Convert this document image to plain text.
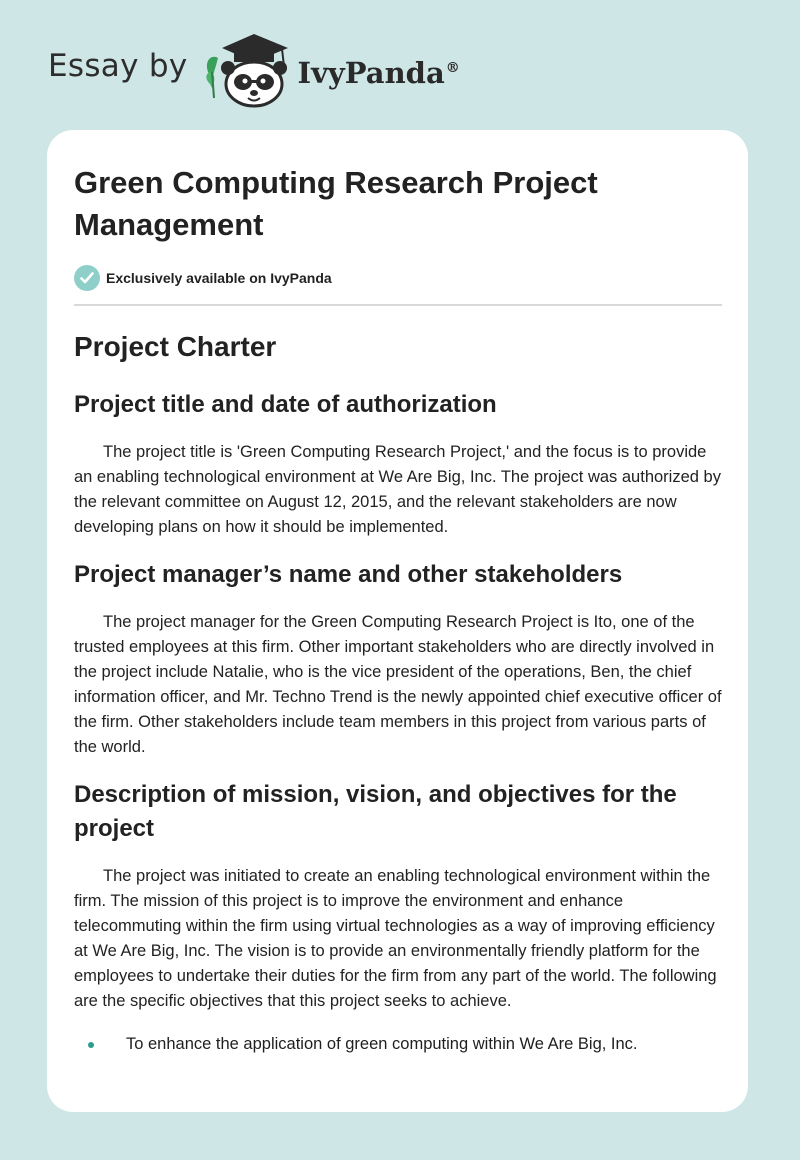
Essay by	IvyPanda®
Green Computing Research Project Management
Exclusively available on IvyPanda
Project Charter
Project title and date of authorization

The project title is 'Green Computing Research Project,' and the focus is to provide an enabling technological environment at We Are Big, Inc. The project was authorized by the relevant committee on August 12, 2015, and the relevant stakeholders are now developing plans on how it should be implemented.

Project manager’s name and other stakeholders

The project manager for the Green Computing Research Project is Ito, one of the trusted employees at this firm. Other important stakeholders who are directly involved in the project include Natalie, who is the vice president of the operations, Ben, the chief information officer, and Mr. Techno Trend is the newly appointed chief executive officer of the firm. Other stakeholders include team members in this project from various parts of the world.

Description of mission, vision, and objectives for the project

The project was initiated to create an enabling technological environment within the firm. The mission of this project is to improve the environment and enhance telecommuting within the firm using virtual technologies as a way of improving efficiency at We Are Big, Inc. The vision is to provide an environmentally friendly platform for the employees to undertake their duties for the firm from any part of the world. The following are the specific objectives that this project seeks to achieve.

To enhance the application of green computing within We Are Big, Inc.
